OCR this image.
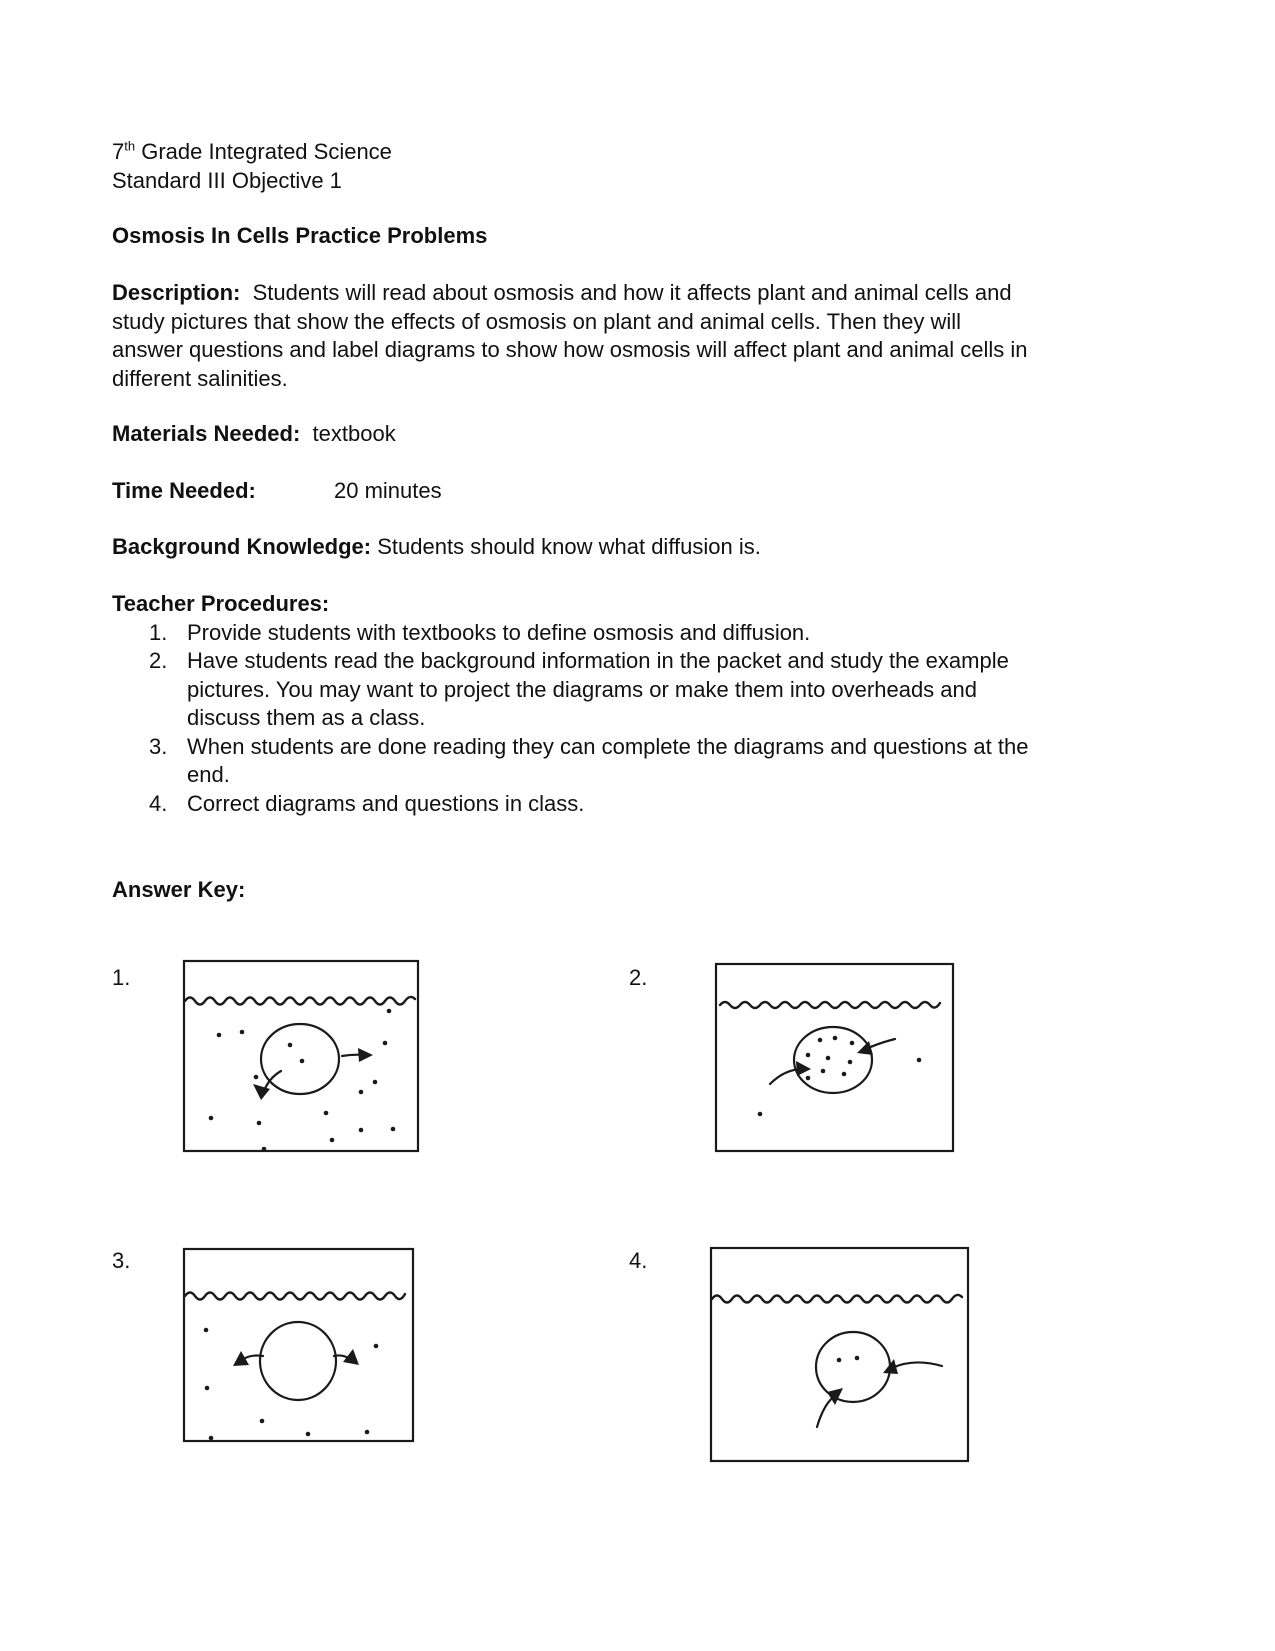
7th Grade Integrated Science
Standard III Objective 1
Osmosis In Cells Practice Problems
Description: Students will read about osmosis and how it affects plant and animal cells and
study pictures that show the effects of osmosis on plant and animal cells. Then they will
answer questions and label diagrams to show how osmosis will affect plant and animal cells in
different salinities.
Materials Needed: textbook
Time Needed:	20 minutes
Background Knowledge: Students should know what diffusion is.
Teacher Procedures:
1. Provide students with textbooks to define osmosis and diffusion.
2. Have students read the background information in the packet and study the example
pictures. You may want to project the diagrams or make them into overheads and
discuss them as a class.
3. When students are done reading they can complete the diagrams and questions at the
end.
4. Correct diagrams and questions in class.
Answer Key:
1.	2.
3.	4.
